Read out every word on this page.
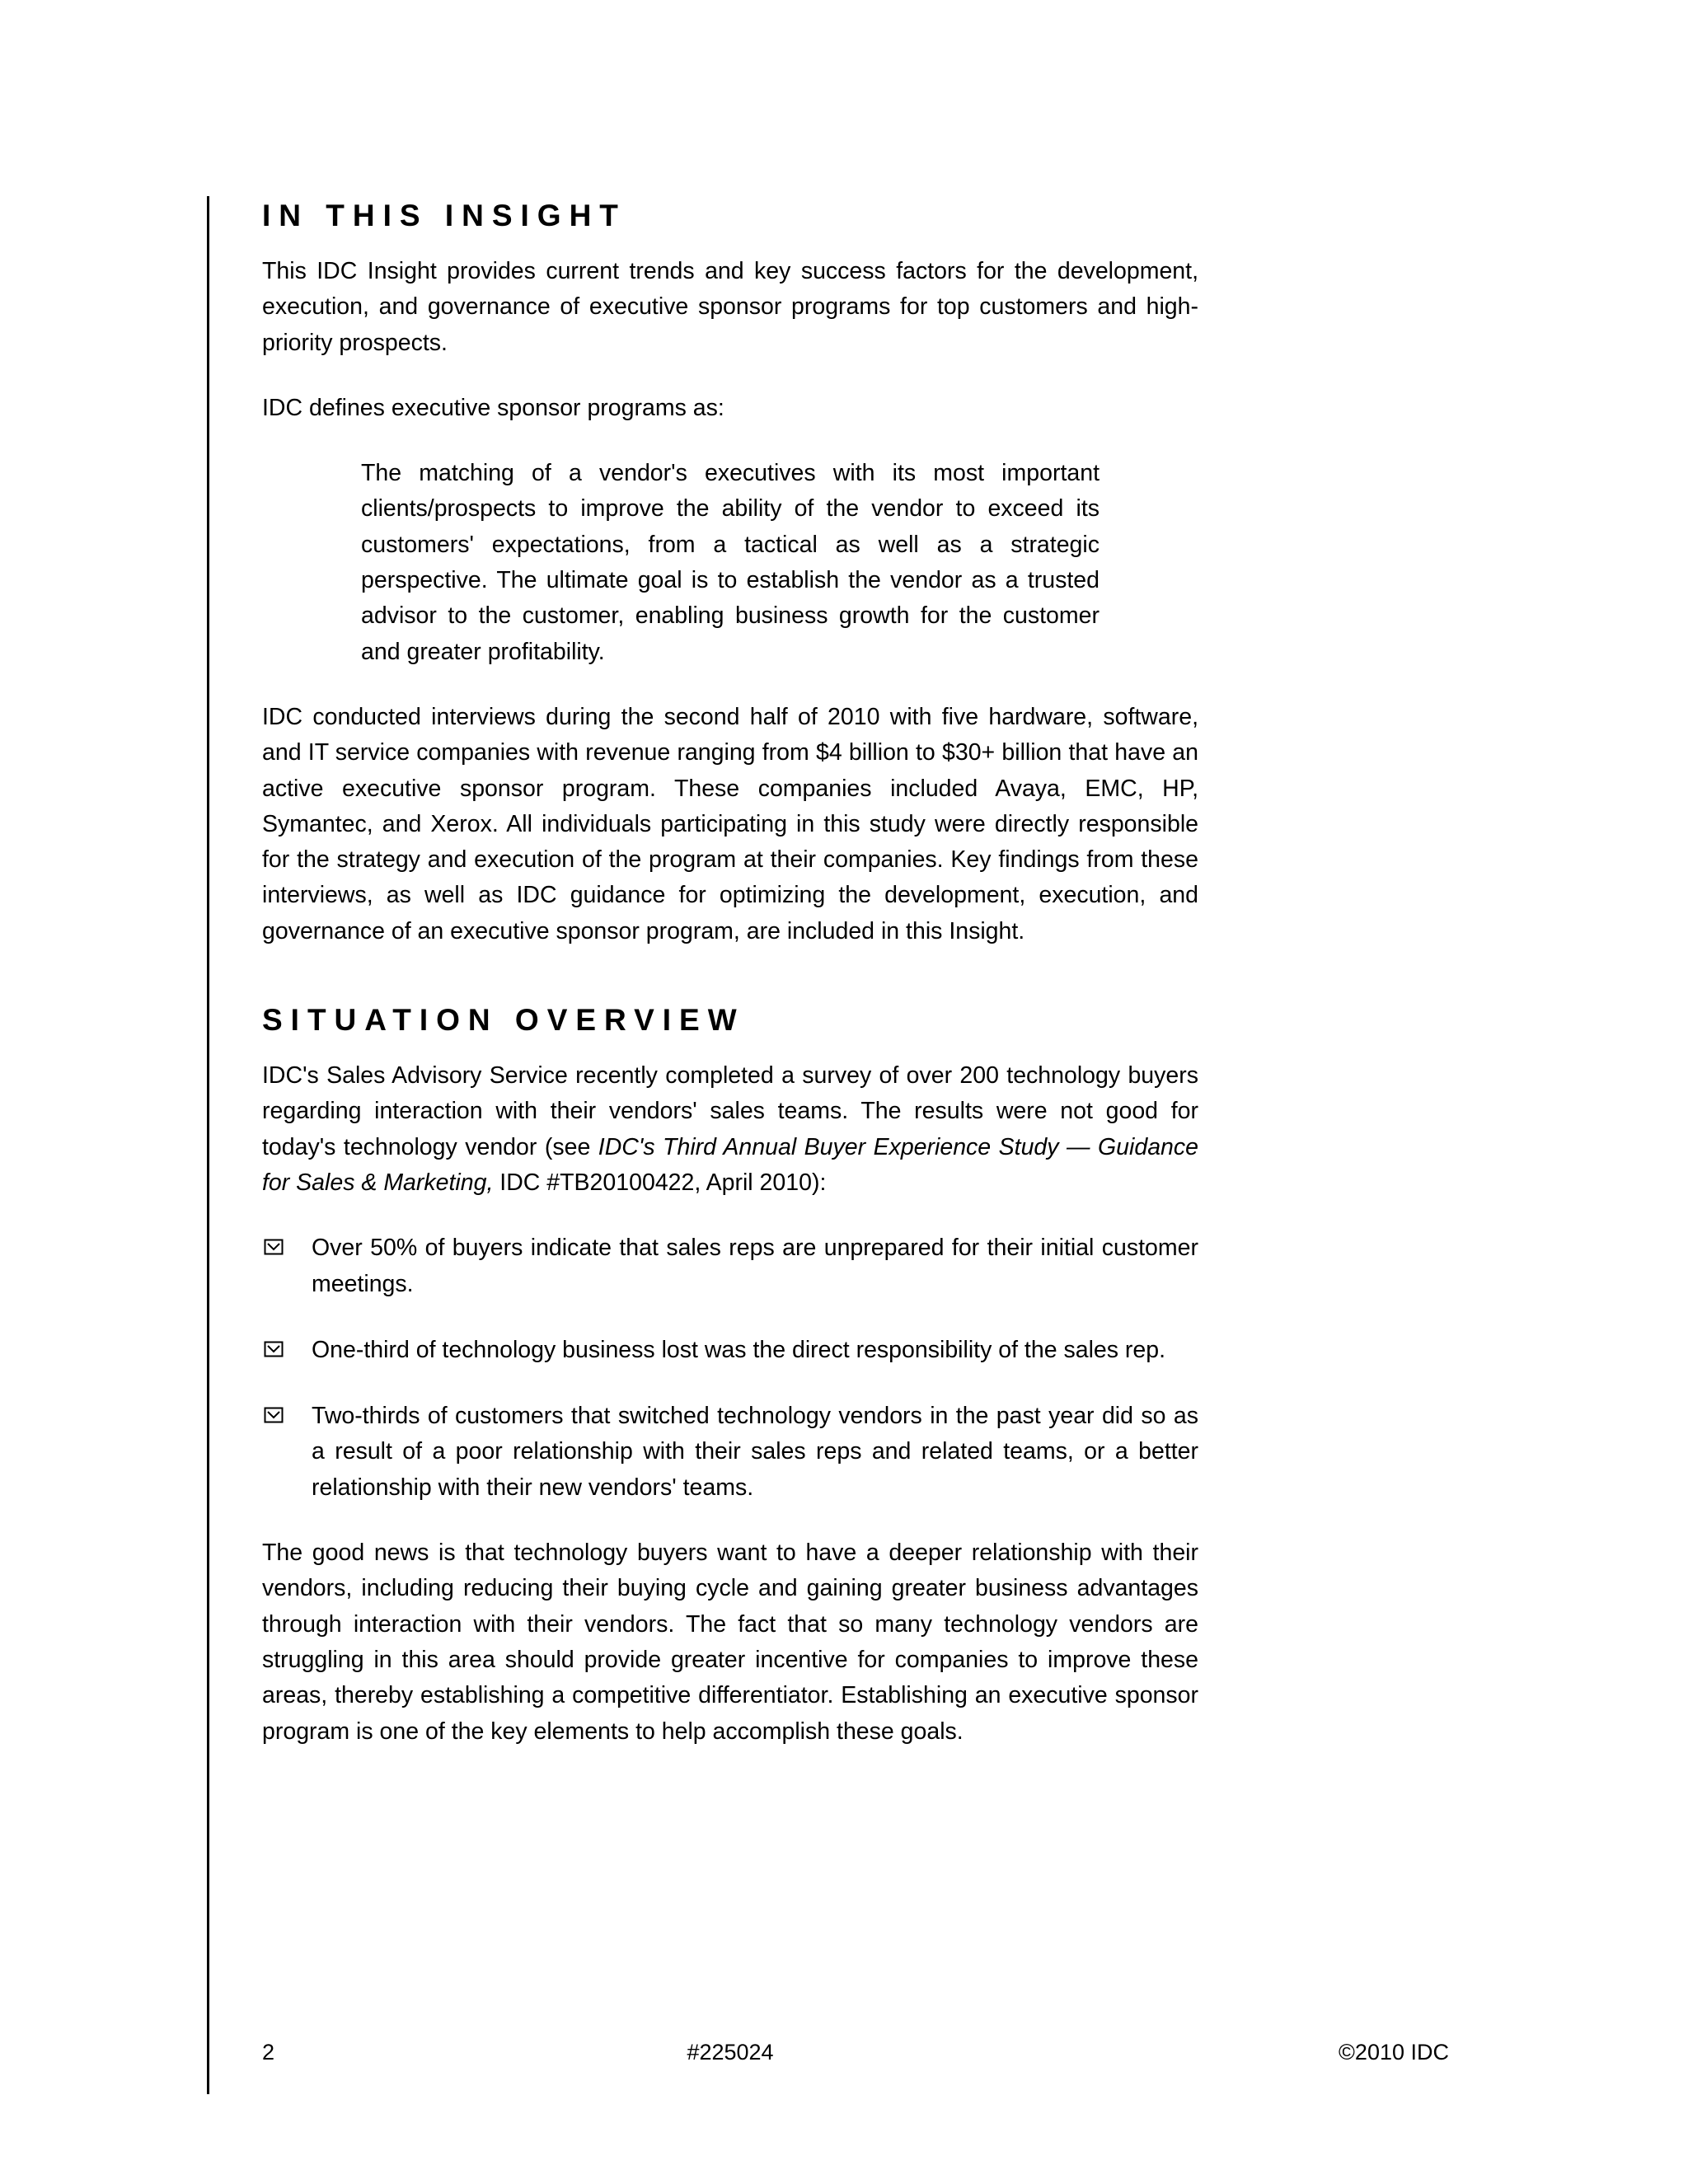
IN THIS INSIGHT

This IDC Insight provides current trends and key success factors for the development, execution, and governance of executive sponsor programs for top customers and high-priority prospects.

IDC defines executive sponsor programs as:

The matching of a vendor's executives with its most important clients/prospects to improve the ability of the vendor to exceed its customers' expectations, from a tactical as well as a strategic perspective. The ultimate goal is to establish the vendor as a trusted advisor to the customer, enabling business growth for the customer and greater profitability.

IDC conducted interviews during the second half of 2010 with five hardware, software, and IT service companies with revenue ranging from $4 billion to $30+ billion that have an active executive sponsor program. These companies included Avaya, EMC, HP, Symantec, and Xerox. All individuals participating in this study were directly responsible for the strategy and execution of the program at their companies. Key findings from these interviews, as well as IDC guidance for optimizing the development, execution, and governance of an executive sponsor program, are included in this Insight.

SITUATION OVERVIEW

IDC's Sales Advisory Service recently completed a survey of over 200 technology buyers regarding interaction with their vendors' sales teams. The results were not good for today's technology vendor (see IDC's Third Annual Buyer Experience Study — Guidance for Sales & Marketing, IDC #TB20100422, April 2010):

Over 50% of buyers indicate that sales reps are unprepared for their initial customer meetings.

One-third of technology business lost was the direct responsibility of the sales rep.

Two-thirds of customers that switched technology vendors in the past year did so as a result of a poor relationship with their sales reps and related teams, or a better relationship with their new vendors' teams.

The good news is that technology buyers want to have a deeper relationship with their vendors, including reducing their buying cycle and gaining greater business advantages through interaction with their vendors. The fact that so many technology vendors are struggling in this area should provide greater incentive for companies to improve these areas, thereby establishing a competitive differentiator. Establishing an executive sponsor program is one of the key elements to help accomplish these goals.

2	#225024	©2010 IDC
